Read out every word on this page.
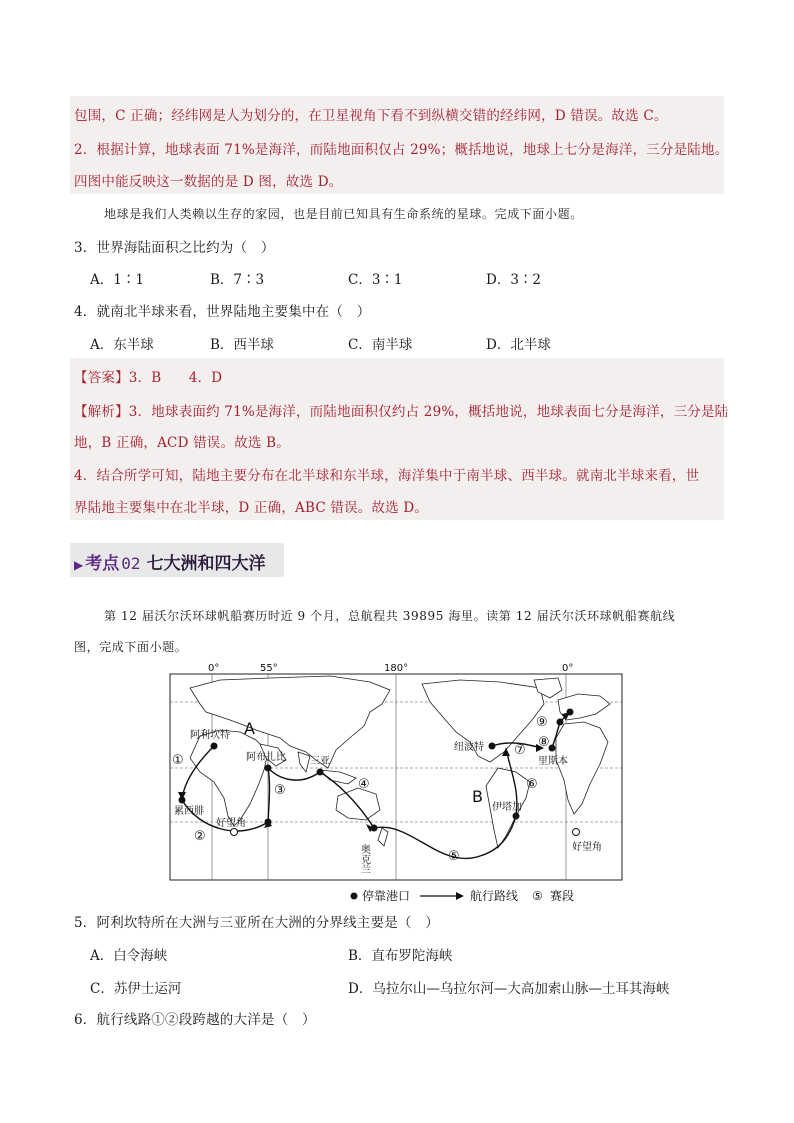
包围，C 正确；经纬网是人为划分的，在卫星视角下看不到纵横交错的经纬网，D 错误。故选 C。
2．根据计算，地球表面 71%是海洋，而陆地面积仅占 29%；概括地说，地球上七分是海洋，三分是陆地。
四图中能反映这一数据的是 D 图，故选 D。
地球是我们人类赖以生存的家园，也是目前已知具有生命系统的星球。完成下面小题。
3．世界海陆面积之比约为（　）
A．1∶1	B．7∶3	C．3∶1	D．3∶2
4．就南北半球来看，世界陆地主要集中在（　）
A．东半球	B．西半球	C．南半球	D．北半球
【答案】3．B　　4．D
【解析】3．地球表面约 71%是海洋，而陆地面积仅约占 29%，概括地说，地球表面七分是海洋，三分是陆
地，B 正确，ACD 错误。故选 B。
4．结合所学可知，陆地主要分布在北半球和东半球，海洋集中于南半球、西半球。就南北半球来看，世
界陆地主要集中在北半球，D 正确，ABC 错误。故选 D。
▶ 考点 02 七大洲和四大洋
第 12 届沃尔沃环球帆船赛历时近 9 个月，总航程共 39895 海里。读第 12 届沃尔沃环球帆船赛航线
图，完成下面小题。
0°	55°	180°	0°
A
B
阿利坎特
阿布扎比 三亚
累西腓
好望角
奥克兰
伊塔加
纽波特
里斯本
好望角
①
②
③	④
⑤
⑥
⑦
⑧
⑨
停靠港口	航行路线 ⑤ 赛段
5．阿利坎特所在大洲与三亚所在大洲的分界线主要是（　）
A．白令海峡	B．直布罗陀海峡
C．苏伊士运河	D．乌拉尔山—乌拉尔河—大高加索山脉—土耳其海峡
6．航行线路①②段跨越的大洋是（　）
